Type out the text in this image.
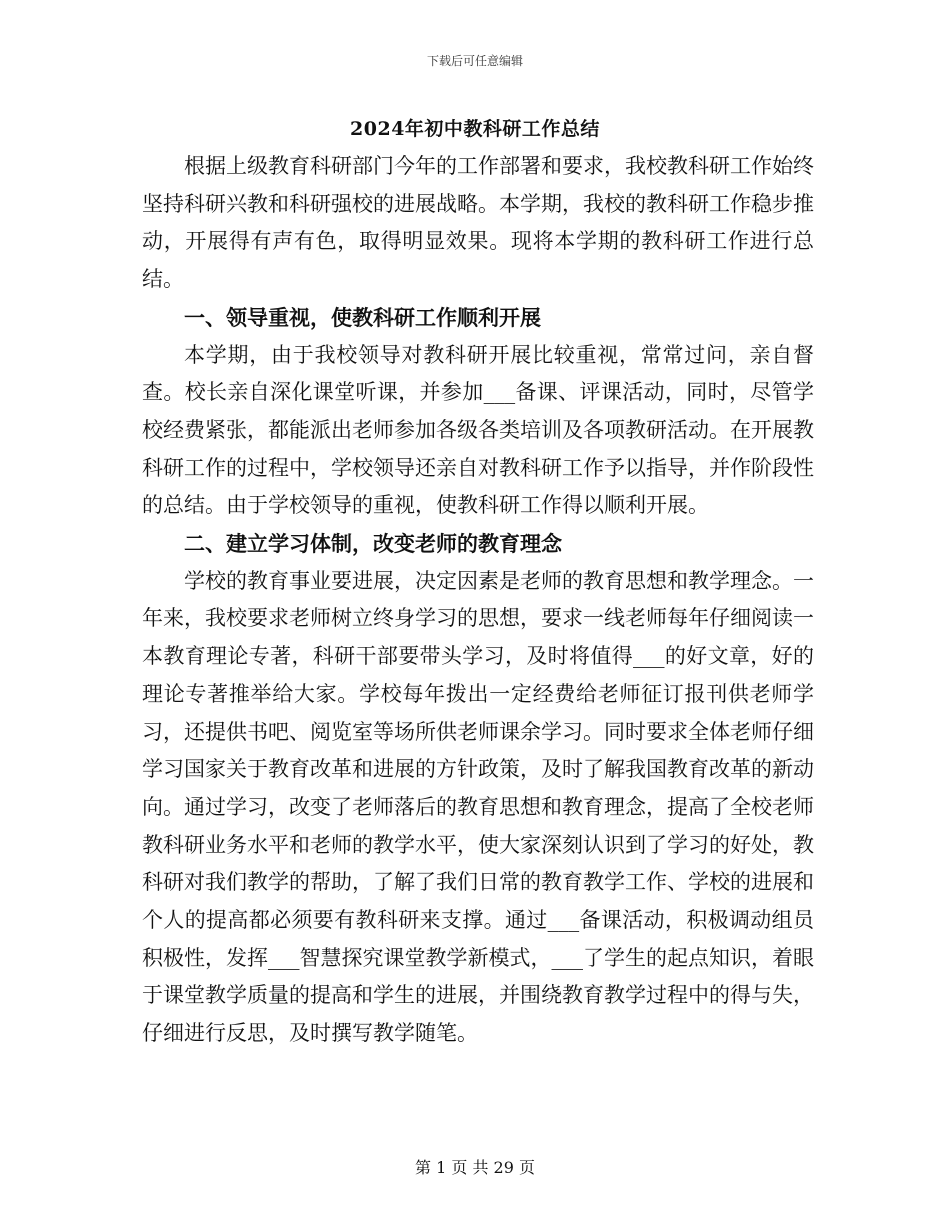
下载后可任意编辑
2024年初中教科研工作总结

根据上级教育科研部门今年的工作部署和要求，我校教科研工作始终坚持科研兴教和科研强校的进展战略。本学期，我校的教科研工作稳步推动，开展得有声有色，取得明显效果。现将本学期的教科研工作进行总结。

一、领导重视，使教科研工作顺利开展

本学期，由于我校领导对教科研开展比较重视，常常过问，亲自督查。校长亲自深化课堂听课，并参加___备课、评课活动，同时，尽管学校经费紧张，都能派出老师参加各级各类培训及各项教研活动。在开展教科研工作的过程中，学校领导还亲自对教科研工作予以指导，并作阶段性的总结。由于学校领导的重视，使教科研工作得以顺利开展。

二、建立学习体制，改变老师的教育理念

学校的教育事业要进展，决定因素是老师的教育思想和教学理念。一年来，我校要求老师树立终身学习的思想，要求一线老师每年仔细阅读一本教育理论专著，科研干部要带头学习，及时将值得___的好文章，好的理论专著推举给大家。学校每年拨出一定经费给老师征订报刊供老师学习，还提供书吧、阅览室等场所供老师课余学习。同时要求全体老师仔细学习国家关于教育改革和进展的方针政策，及时了解我国教育改革的新动向。通过学习，改变了老师落后的教育思想和教育理念，提高了全校老师教科研业务水平和老师的教学水平，使大家深刻认识到了学习的好处，教科研对我们教学的帮助，了解了我们日常的教育教学工作、学校的进展和个人的提高都必须要有教科研来支撑。通过___备课活动，积极调动组员积极性，发挥___智慧探究课堂教学新模式，___了学生的起点知识，着眼于课堂教学质量的提高和学生的进展，并围绕教育教学过程中的得与失，仔细进行反思，及时撰写教学随笔。

第 1 页 共 29 页
